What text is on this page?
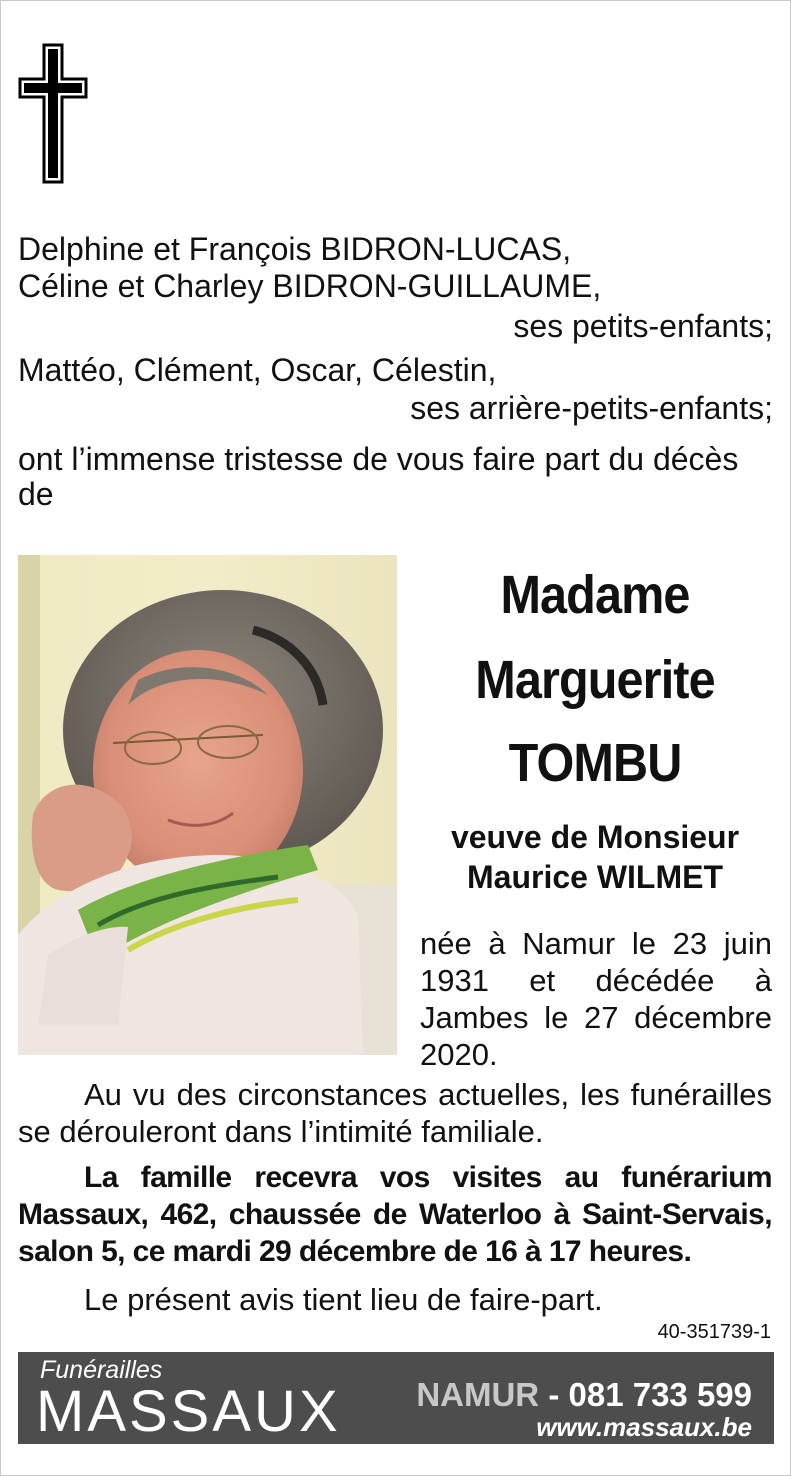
Delphine et François BIDRON-LUCAS,
Céline et Charley BIDRON-GUILLAUME,
ses petits-enfants;
Mattéo, Clément, Oscar, Célestin,
ses arrière-petits-enfants;
ont l’immense tristesse de vous faire part du décès
de
Madame
Marguerite
TOMBU
veuve de Monsieur
Maurice WILMET
née à Namur le 23 juin 1931 et décédée à Jambes le 27 décembre 2020.
Au vu des circonstances actuelles, les funérailles se dérouleront dans l’intimité familiale.
La famille recevra vos visites au funérarium Massaux, 462, chaussée de Waterloo à Saint-Servais, salon 5, ce mardi 29 décembre de 16 à 17 heures.
Le présent avis tient lieu de faire-part.
40-351739-1
Funérailles
MASSAUX NAMUR - 081 733 599
www.massaux.be
